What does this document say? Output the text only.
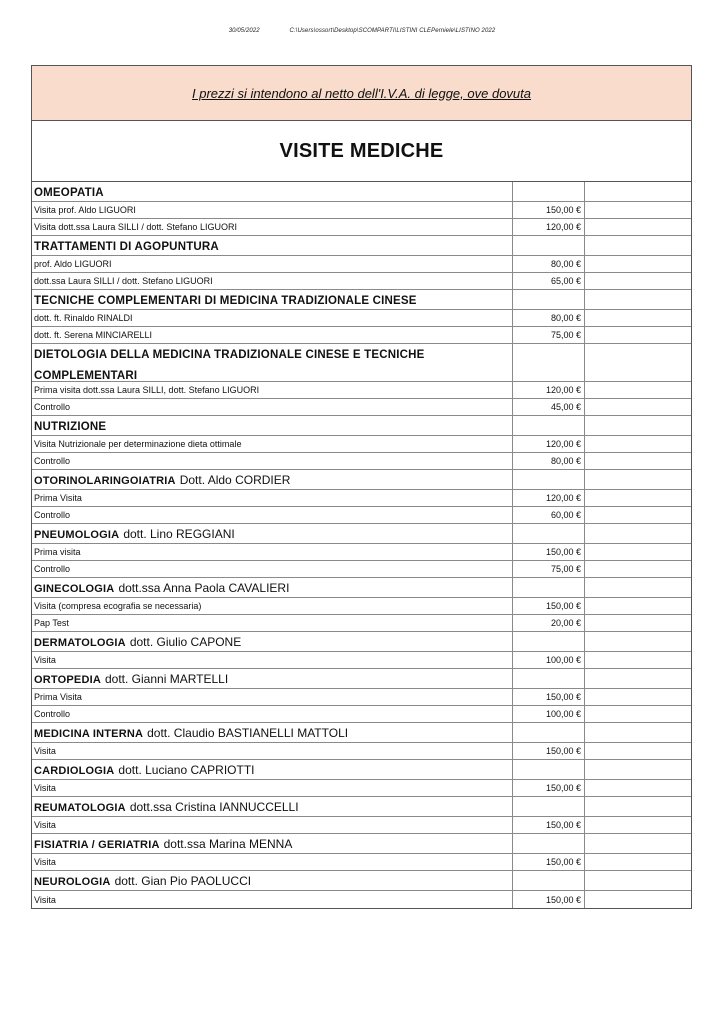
30/05/2022	C:\Users\ossort\Desktop\SCOMPARTI\LISTINI CLEPerniele\LISTINO 2022
I prezzi si intendono al netto dell'I.V.A. di legge, ove dovuta
VISITE MEDICHE
OMEOPATIA
Visita prof. Aldo LIGUORI	150,00 €
Visita dott.ssa Laura SILLI / dott. Stefano LIGUORI	120,00 €
TRATTAMENTI DI AGOPUNTURA
prof. Aldo LIGUORI	80,00 €
dott.ssa Laura SILLI / dott. Stefano LIGUORI	65,00 €
TECNICHE COMPLEMENTARI DI MEDICINA TRADIZIONALE CINESE
dott. ft. Rinaldo RINALDI	80,00 €
dott. ft. Serena MINCIARELLI	75,00 €
DIETOLOGIA DELLA MEDICINA TRADIZIONALE CINESE E TECNICHE COMPLEMENTARI
Prima visita dott.ssa Laura SILLI, dott. Stefano LIGUORI	120,00 €
Controllo	45,00 €
NUTRIZIONE
Visita Nutrizionale per determinazione dieta ottimale	120,00 €
Controllo	80,00 €
OTORINOLARINGOIATRIA Dott. Aldo CORDIER
Prima Visita	120,00 €
Controllo	60,00 €
PNEUMOLOGIA dott. Lino REGGIANI
Prima visita	150,00 €
Controllo	75,00 €
GINECOLOGIA dott.ssa Anna Paola CAVALIERI
Visita (compresa ecografia se necessaria)	150,00 €
Pap Test	20,00 €
DERMATOLOGIA dott. Giulio CAPONE
Visita	100,00 €
ORTOPEDIA dott. Gianni MARTELLI
Prima Visita	150,00 €
Controllo	100,00 €
MEDICINA INTERNA dott. Claudio BASTIANELLI MATTOLI
Visita	150,00 €
CARDIOLOGIA dott. Luciano CAPRIOTTI
Visita	150,00 €
REUMATOLOGIA dott.ssa Cristina IANNUCCELLI
Visita	150,00 €
FISIATRIA / GERIATRIA dott.ssa Marina MENNA
Visita	150,00 €
NEUROLOGIA dott. Gian Pio PAOLUCCI
Visita	150,00 €
